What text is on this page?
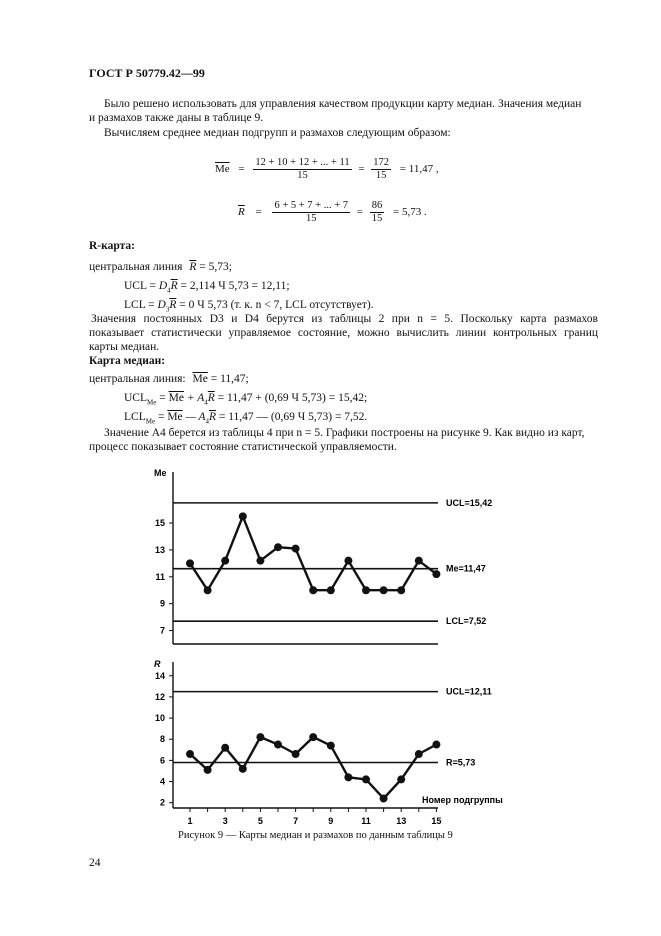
ГОСТ Р 50779.42—99
Было решено использовать для управления качеством продукции карту медиан. Значения медиан
и размахов также даны в таблице 9.
Вычисляем среднее медиан подгрупп и размахов следующим образом:
$\overline{Me} = \frac{12 + 10 + 12 + ... + 11}{15} = \frac{172}{15} = 11,47$ ,
$\overline{R} = \frac{6 + 5 + 7 + ... + 7}{15} = \frac{86}{15} = 5,73$ .
R-карта:
центральная линия $\overline{R} = 5,73$;
UCL = $D_4\overline{R} = 2,114$ Ч 5,73 = 12,11;
LCL = $D_3\overline{R} = 0$ Ч 5,73 (т. к. n < 7, LCL отсутствует).
Значения постоянных D3 и D4 берутся из таблицы 2 при n = 5. Поскольку карта размахов
показывает статистически управляемое состояние, можно вычислить линии контрольных границ
карты медиан.
Карта медиан:
центральная линия: $\overline{Me} = 11,47$;
$UCL_{Me} = \overline{Me} + A_4\overline{R} = 11,47 + (0,69$ Ч 5,73) = 15,42;
$LCL_{Me} = \overline{Me}$ — $A_4\overline{R} = 11,47$ — (0,69 Ч 5,73) = 7,52.
Значение A4 берется из таблицы 4 при n = 5. Графики построены на рисунке 9. Как видно из карт,
процесс показывает состояние статистической управляемости.
Me
7
9
11
13
15
UCL=15,42
Me=11,47
LCL=7,52
R
2
4
6
8
10
12
14
1	3	5	7	9	11	13	15
UCL=12,11
R=5,73
Номер подгруппы
Рисунок 9 — Карты медиан и размахов по данным таблицы 9
24
